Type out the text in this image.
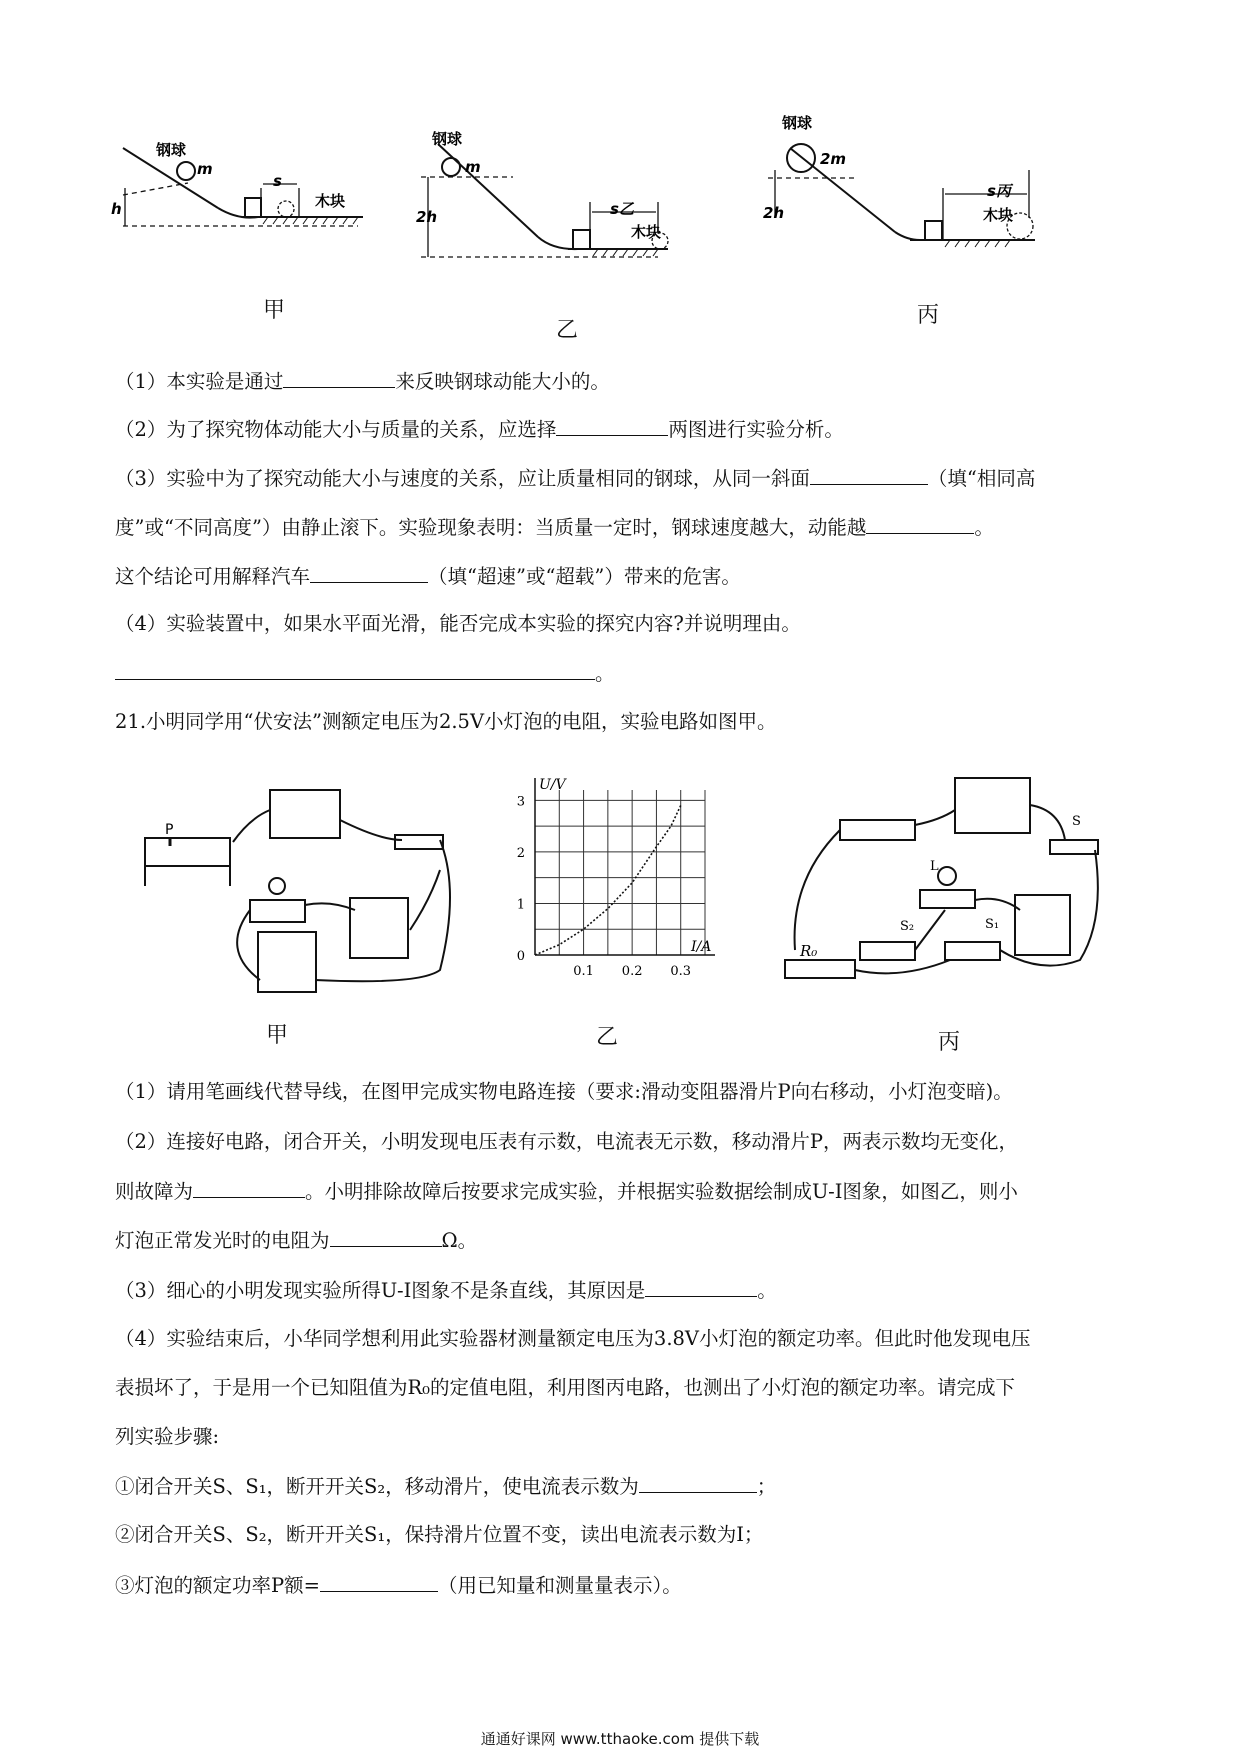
钢球
m
h
s
木块
甲
钢球
m
2h	s乙
木块
乙
钢球
2m
2h
s丙
木块
丙
（1）本实验是通过	来反映钢球动能大小的。
（2）为了探究物体动能大小与质量的关系，应选择	两图进行实验分析。
（3）实验中为了探究动能大小与速度的关系，应让质量相同的钢球，从同一斜面	（填“相同高
度”或“不同高度”）由静止滚下。实验现象表明：当质量一定时，钢球速度越大，动能越	。
这个结论可用解释汽车	（填“超速”或“超载”）带来的危害。
（4）实验装置中，如果水平面光滑，能否完成本实验的探究内容?并说明理由。
。
21.小明同学用“伏安法”测额定电压为2.5V小灯泡的电阻，实验电路如图甲。
P
甲
0.1 0.2 0.3
0
1
2
3
U/V
I/A
乙
R₀
S
L
S₂	S₁
丙
（1）请用笔画线代替导线，在图甲完成实物电路连接（要求:滑动变阻器滑片P向右移动，小灯泡变暗)。
（2）连接好电路，闭合开关，小明发现电压表有示数，电流表无示数，移动滑片P，两表示数均无变化，
则故障为	。小明排除故障后按要求完成实验，并根据实验数据绘制成U-I图象，如图乙，则小
灯泡正常发光时的电阻为	Ω。
（3）细心的小明发现实验所得U-I图象不是条直线，其原因是	。
（4）实验结束后，小华同学想利用此实验器材测量额定电压为3.8V小灯泡的额定功率。但此时他发现电压
表损坏了，于是用一个已知阻值为R₀的定值电阻，利用图丙电路，也测出了小灯泡的额定功率。请完成下
列实验步骤:
①闭合开关S、S₁，断开开关S₂，移动滑片，使电流表示数为	；
②闭合开关S、S₂，断开开关S₁，保持滑片位置不变，读出电流表示数为I；
③灯泡的额定功率P额=	（用已知量和测量量表示）。
通通好课网 www.tthaoke.com 提供下载
